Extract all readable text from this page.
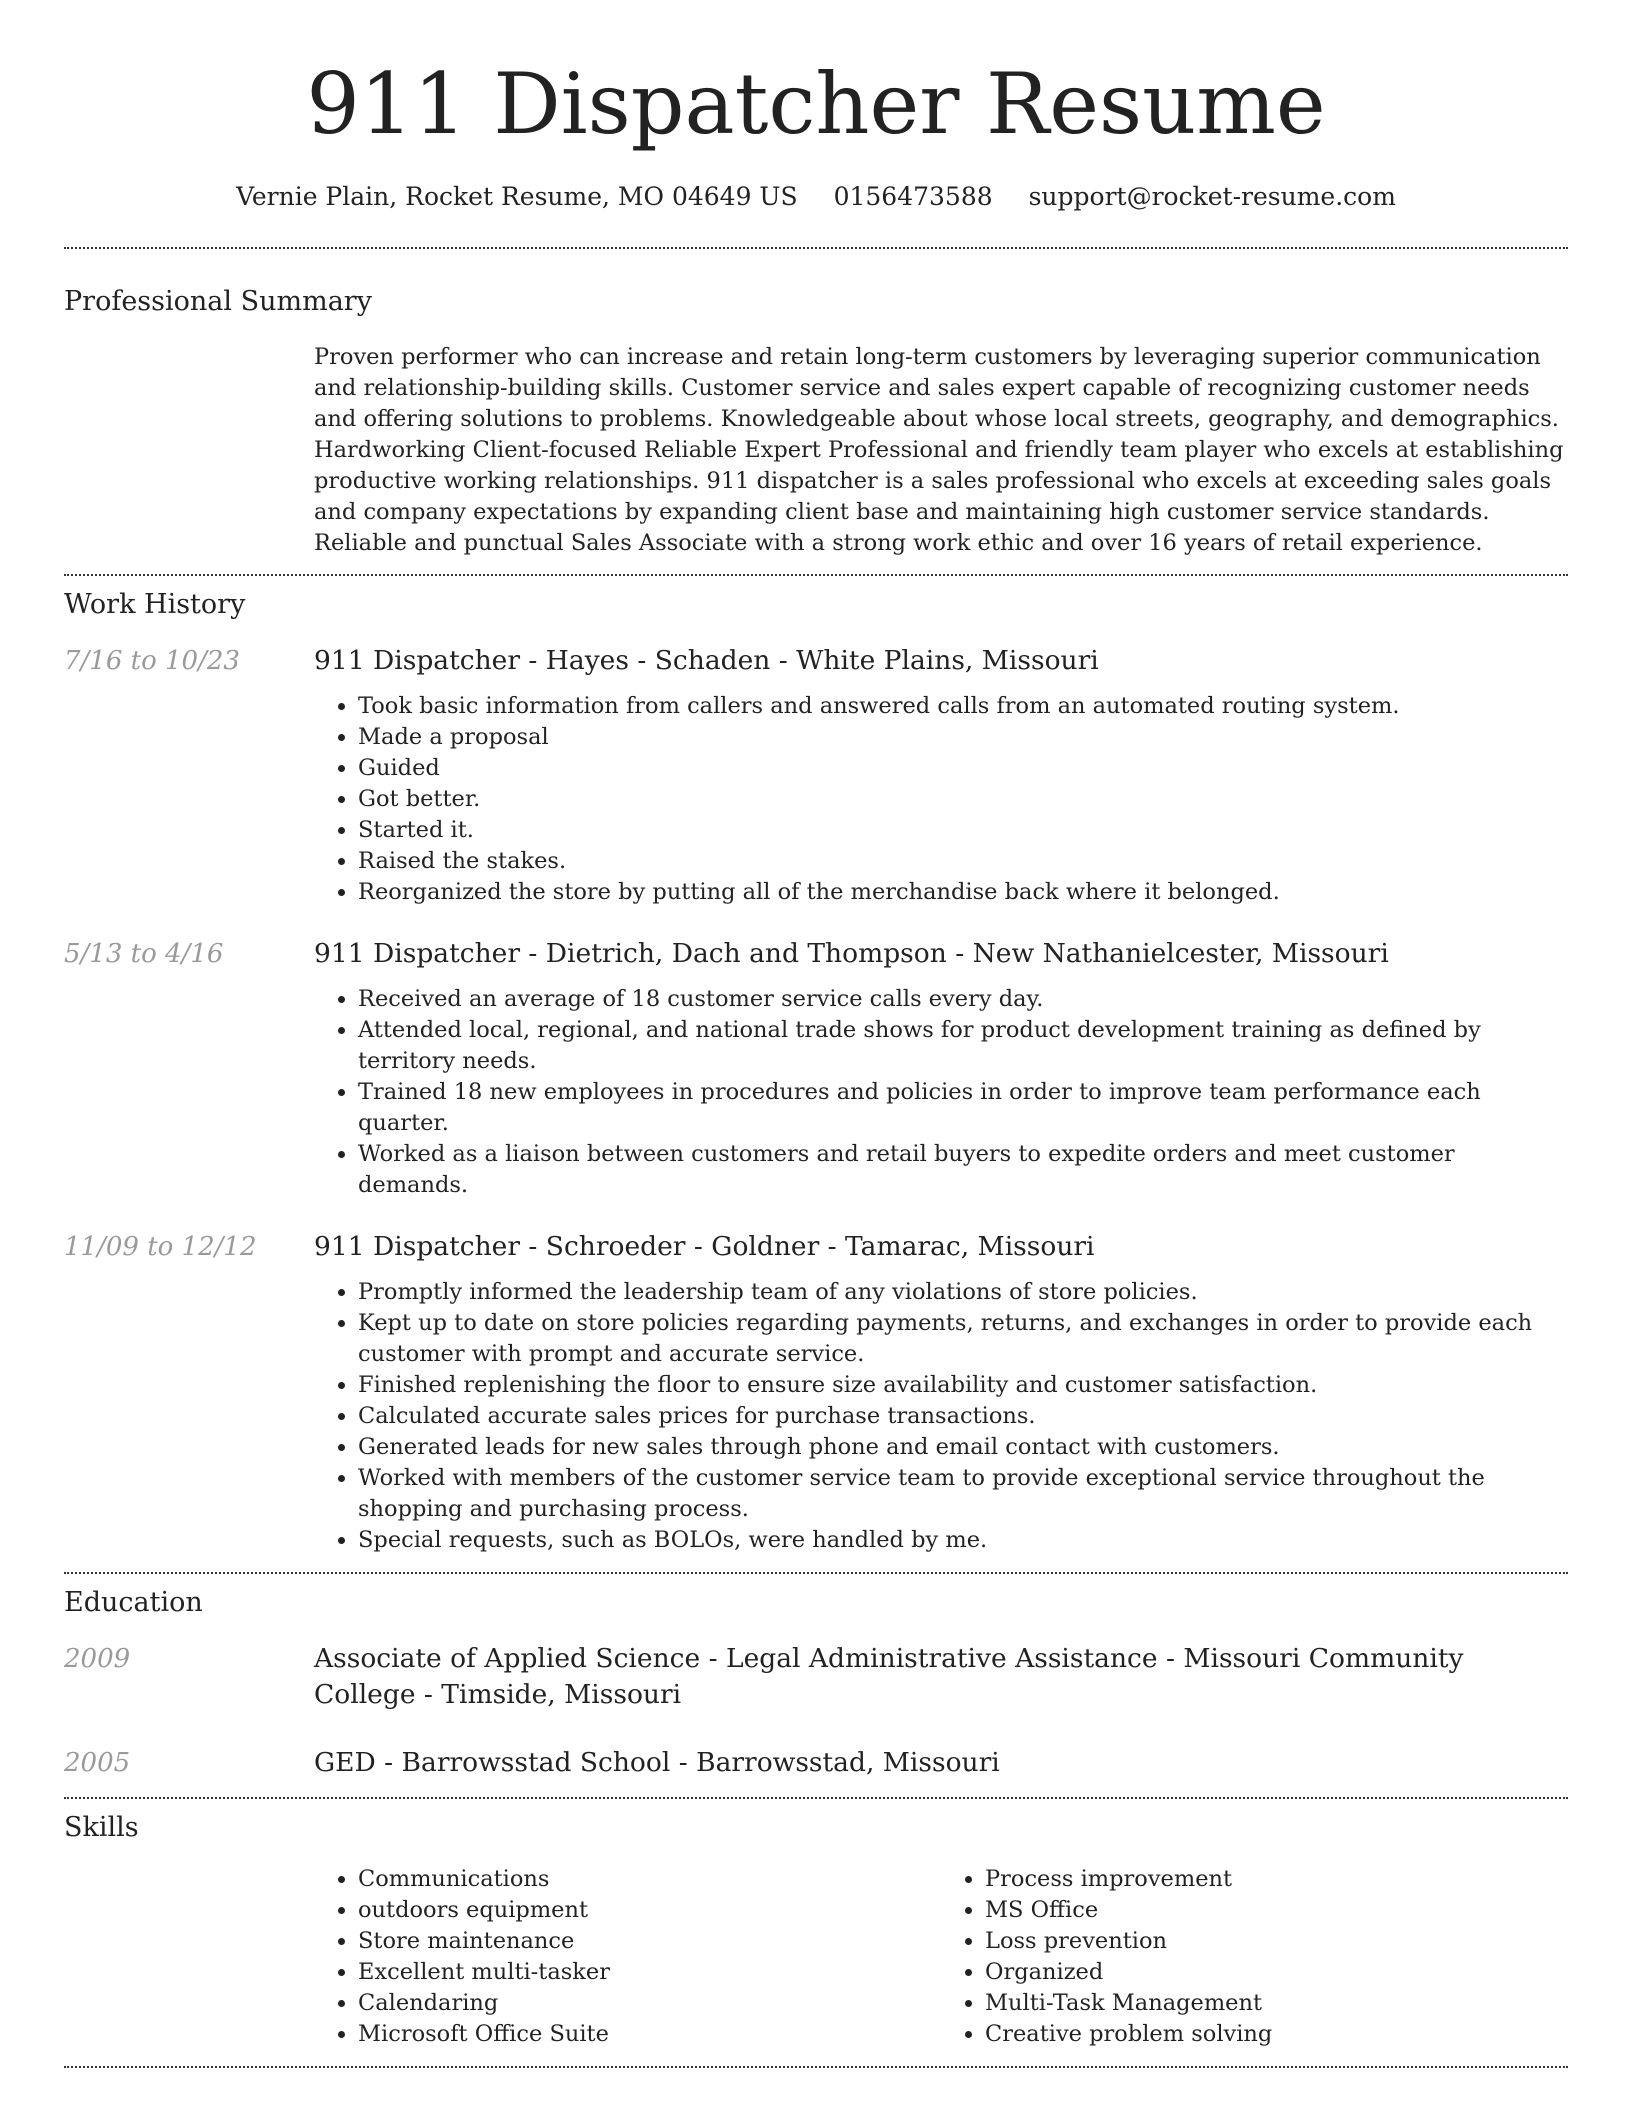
911 Dispatcher Resume
Vernie Plain, Rocket Resume, MO 04649 US 0156473588 support@rocket-resume.com
Professional Summary

Proven performer who can increase and retain long-term customers by leveraging superior communication and relationship-building skills. Customer service and sales expert capable of recognizing customer needs and offering solutions to problems. Knowledgeable about whose local streets, geography, and demographics. Hardworking Client-focused Reliable Expert Professional and friendly team player who excels at establishing productive working relationships. 911 dispatcher is a sales professional who excels at exceeding sales goals and company expectations by expanding client base and maintaining high customer service standards. Reliable and punctual Sales Associate with a strong work ethic and over 16 years of retail experience.

Work History
7/16 to 10/23	911 Dispatcher - Hayes - Schaden - White Plains, Missouri

• Took basic information from callers and answered calls from an automated routing system.
• Made a proposal
• Guided
• Got better.
• Started it.
• Raised the stakes.
• Reorganized the store by putting all of the merchandise back where it belonged.
5/13 to 4/16	911 Dispatcher - Dietrich, Dach and Thompson - New Nathanielcester, Missouri

• Received an average of 18 customer service calls every day.
• Attended local, regional, and national trade shows for product development training as defined by territory needs.
• Trained 18 new employees in procedures and policies in order to improve team performance each quarter.
• Worked as a liaison between customers and retail buyers to expedite orders and meet customer demands.
11/09 to 12/12	911 Dispatcher - Schroeder - Goldner - Tamarac, Missouri

• Promptly informed the leadership team of any violations of store policies.
• Kept up to date on store policies regarding payments, returns, and exchanges in order to provide each customer with prompt and accurate service.
• Finished replenishing the floor to ensure size availability and customer satisfaction.
• Calculated accurate sales prices for purchase transactions.
• Generated leads for new sales through phone and email contact with customers.
• Worked with members of the customer service team to provide exceptional service throughout the shopping and purchasing process.
• Special requests, such as BOLOs, were handled by me.
Education
2009	Associate of Applied Science - Legal Administrative Assistance - Missouri Community College - Timside, Missouri

2005	GED - Barrowsstad School - Barrowsstad, Missouri

Skills
• Communications
• outdoors equipment
• Store maintenance
• Excellent multi-tasker
• Calendaring
• Microsoft Office Suite
• Process improvement
• MS Office
• Loss prevention
• Organized
• Multi-Task Management
• Creative problem solving
